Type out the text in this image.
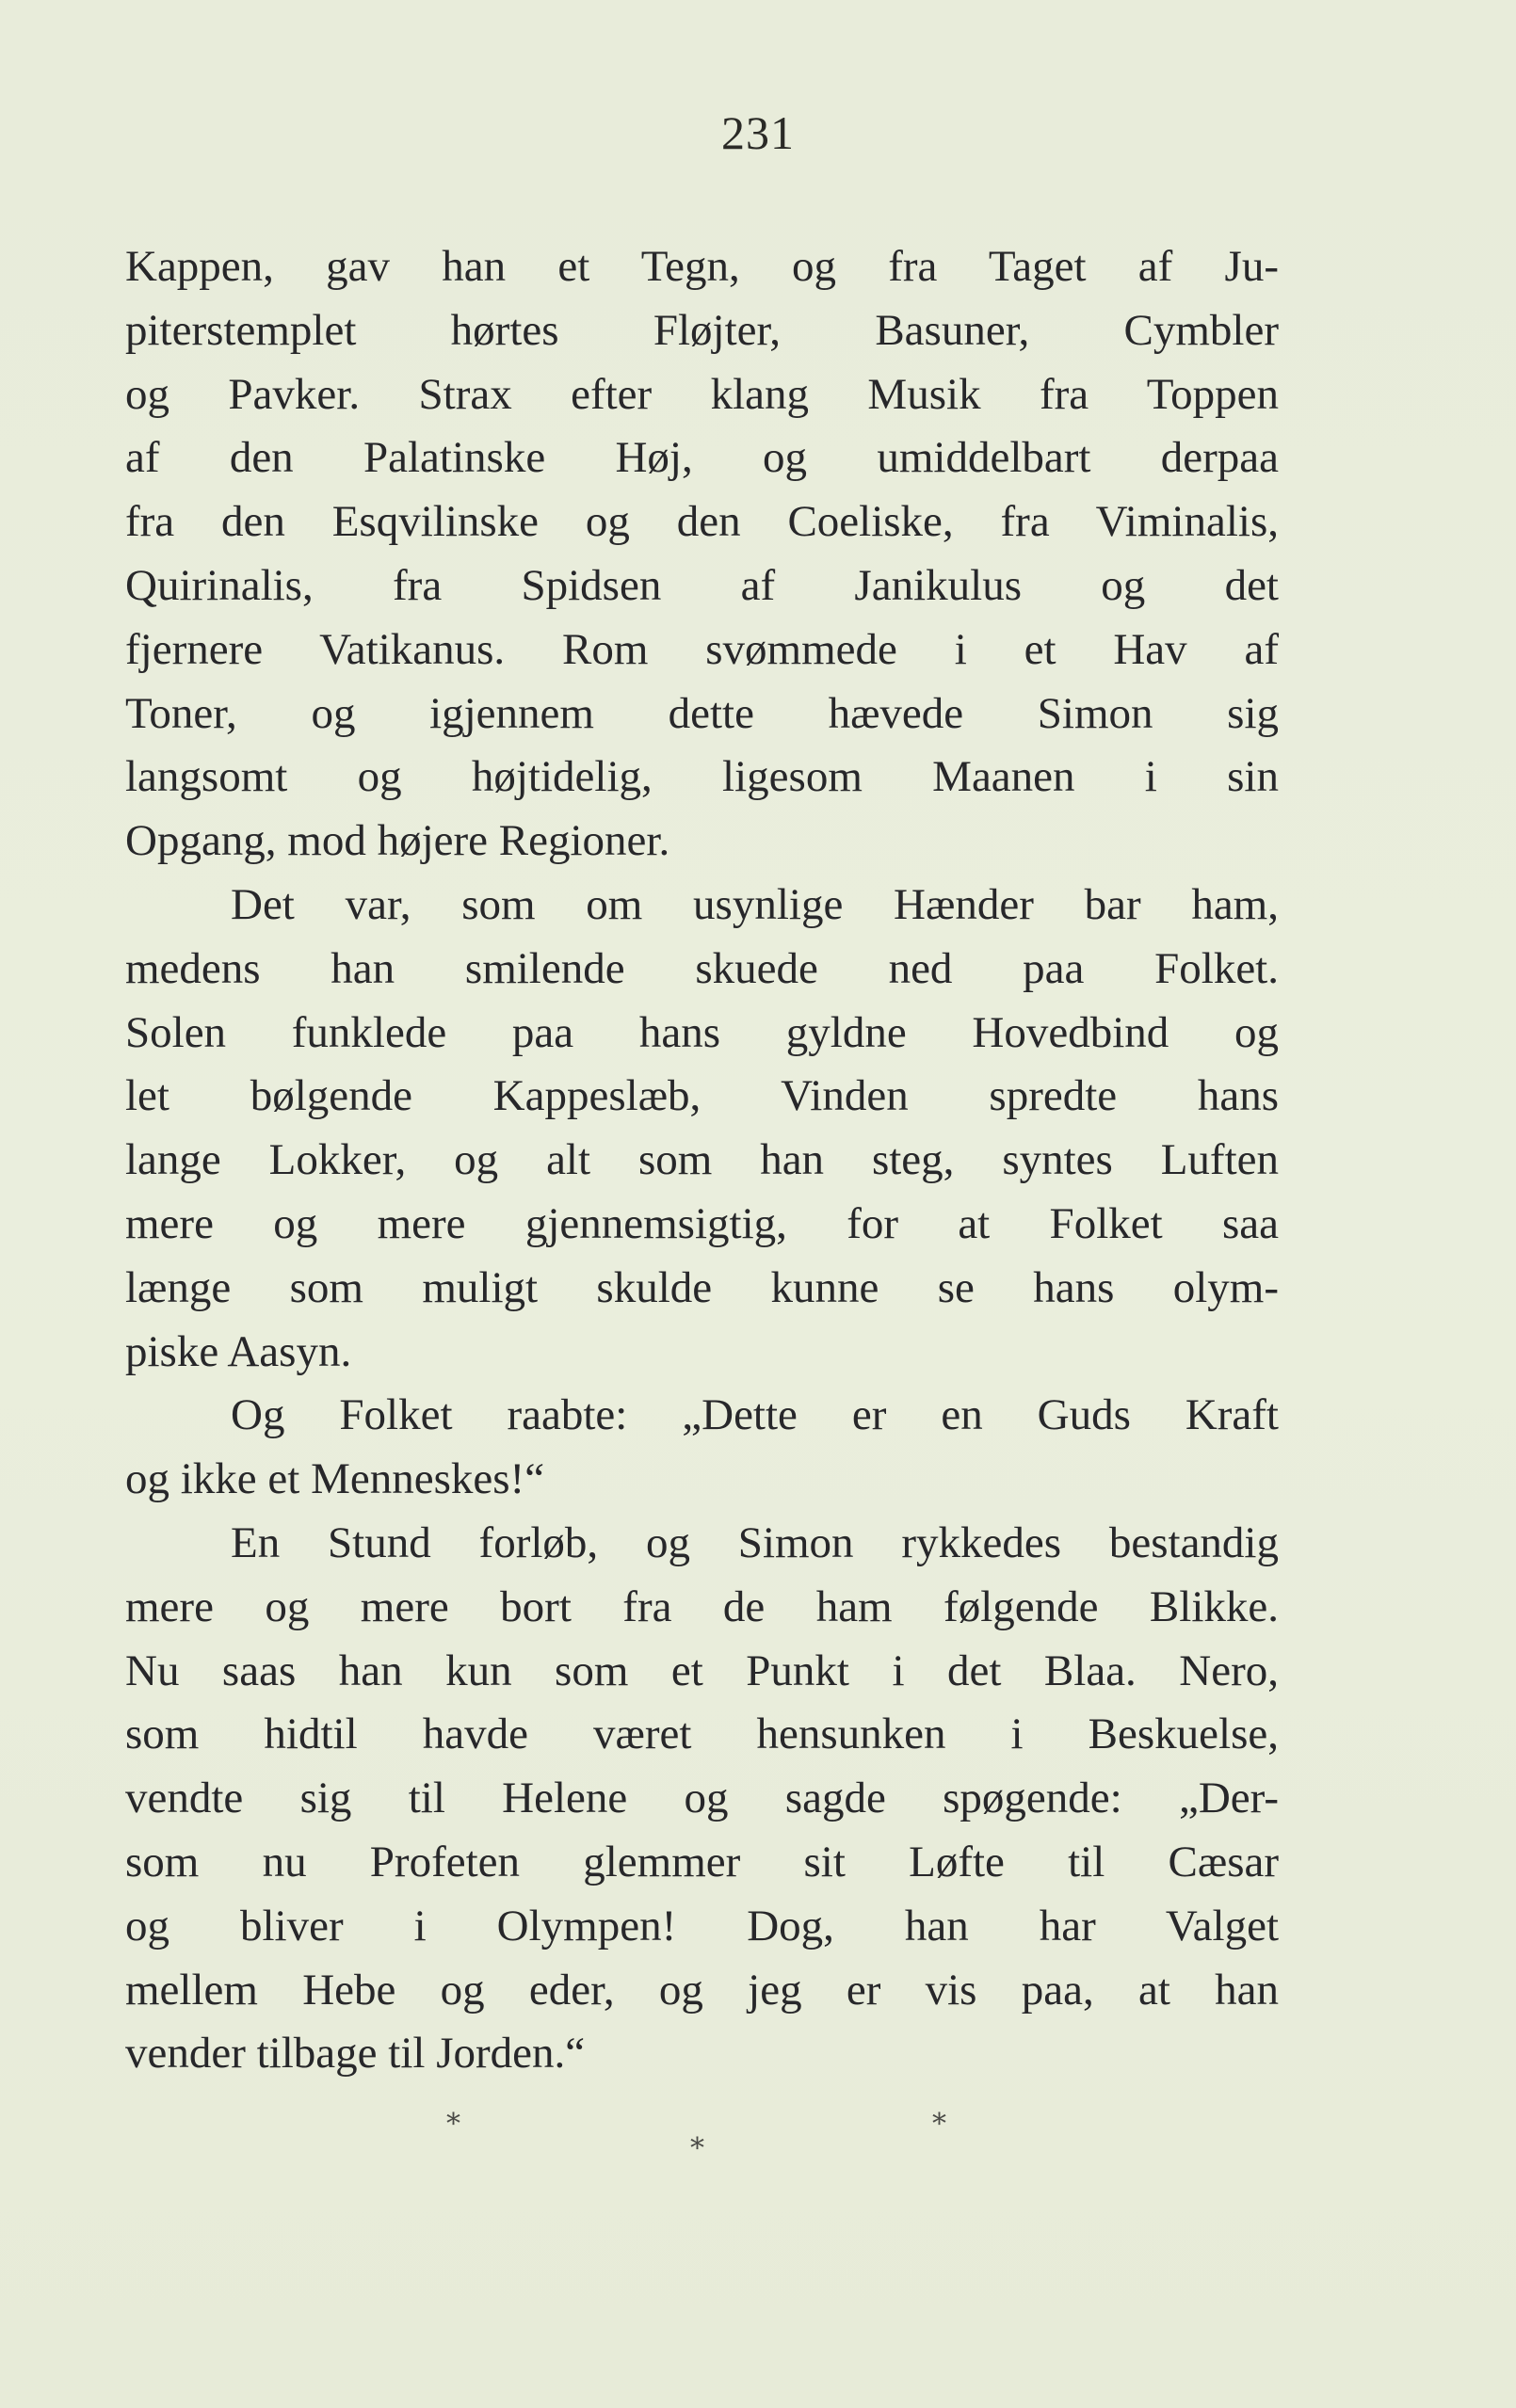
231
Kappen, gav han et Tegn, og fra Taget af Ju-
piterstemplet hørtes Fløjter, Basuner, Cymbler
og Pavker. Strax efter klang Musik fra Toppen
af den Palatinske Høj, og umiddelbart derpaa
fra den Esqvilinske og den Coeliske, fra Viminalis,
Quirinalis, fra Spidsen af Janikulus og det
fjernere Vatikanus. Rom svømmede i et Hav af
Toner, og igjennem dette hævede Simon sig
langsomt og højtidelig, ligesom Maanen i sin
Opgang, mod højere Regioner.
Det var, som om usynlige Hænder bar ham,
medens han smilende skuede ned paa Folket.
Solen funklede paa hans gyldne Hovedbind og
let bølgende Kappeslæb, Vinden spredte hans
lange Lokker, og alt som han steg, syntes Luften
mere og mere gjennemsigtig, for at Folket saa
længe som muligt skulde kunne se hans olym-
piske Aasyn.
Og Folket raabte: „Dette er en Guds Kraft
og ikke et Menneskes!“
En Stund forløb, og Simon rykkedes bestandig
mere og mere bort fra de ham følgende Blikke.
Nu saas han kun som et Punkt i det Blaa. Nero,
som hidtil havde været hensunken i Beskuelse,
vendte sig til Helene og sagde spøgende: „Der-
som nu Profeten glemmer sit Løfte til Cæsar
og bliver i Olympen! Dog, han har Valget
mellem Hebe og eder, og jeg er vis paa, at han
vender tilbage til Jorden.“
*
*
*
